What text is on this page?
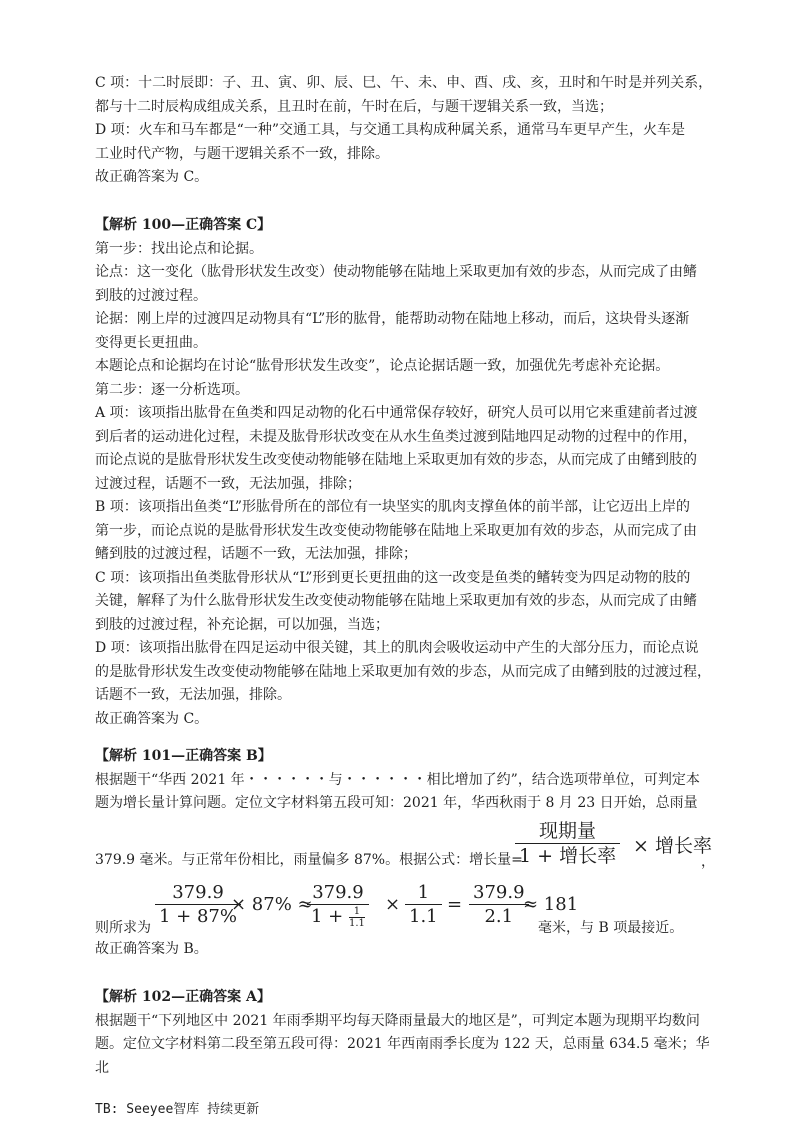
C 项：十二时辰即：子、丑、寅、卯、辰、巳、午、未、申、酉、戌、亥，丑时和午时是并列关系，

都与十二时辰构成组成关系，且丑时在前，午时在后，与题干逻辑关系一致，当选；

D 项：火车和马车都是“一种”交通工具，与交通工具构成种属关系，通常马车更早产生，火车是

工业时代产物，与题干逻辑关系不一致，排除。

故正确答案为 C。

【解析 100—正确答案 C】

第一步：找出论点和论据。

论点：这一变化（肱骨形状发生改变）使动物能够在陆地上采取更加有效的步态，从而完成了由鳍

到肢的过渡过程。

论据：刚上岸的过渡四足动物具有“L”形的肱骨，能帮助动物在陆地上移动，而后，这块骨头逐渐

变得更长更扭曲。

本题论点和论据均在讨论“肱骨形状发生改变”，论点论据话题一致，加强优先考虑补充论据。

第二步：逐一分析选项。

A 项：该项指出肱骨在鱼类和四足动物的化石中通常保存较好，研究人员可以用它来重建前者过渡

到后者的运动进化过程，未提及肱骨形状改变在从水生鱼类过渡到陆地四足动物的过程中的作用，

而论点说的是肱骨形状发生改变使动物能够在陆地上采取更加有效的步态，从而完成了由鳍到肢的

过渡过程，话题不一致，无法加强，排除；

B 项：该项指出鱼类“L”形肱骨所在的部位有一块坚实的肌肉支撑鱼体的前半部，让它迈出上岸的

第一步，而论点说的是肱骨形状发生改变使动物能够在陆地上采取更加有效的步态，从而完成了由

鳍到肢的过渡过程，话题不一致，无法加强，排除；

C 项：该项指出鱼类肱骨形状从“L”形到更长更扭曲的这一改变是鱼类的鳍转变为四足动物的肢的

关键，解释了为什么肱骨形状发生改变使动物能够在陆地上采取更加有效的步态，从而完成了由鳍

到肢的过渡过程，补充论据，可以加强，当选；

D 项：该项指出肱骨在四足运动中很关键，其上的肌肉会吸收运动中产生的大部分压力，而论点说

的是肱骨形状发生改变使动物能够在陆地上采取更加有效的步态，从而完成了由鳍到肢的过渡过程，

话题不一致，无法加强，排除。

故正确答案为 C。

【解析 101—正确答案 B】

根据题干“华西 2021 年・・・・・・与・・・・・・相比增加了约”，结合选项带单位，可判定本

题为增长量计算问题。定位文字材料第五段可知：2021 年，华西秋雨于 8 月 23 日开始，总雨量

379.9 毫米。与正常年份相比，雨量偏多 87%。根据公式：增长量=
现期量
1 + 增长率 × 增长率
，
则所求为
379.9
1 + 87%
× 87% ≈
379.9
$1 + \frac{1}{1.1}$
×
1
1.1
=
379.9
2.1
≈ 181
毫米，与 B 项最接近。

故正确答案为 B。

【解析 102—正确答案 A】

根据题干“下列地区中 2021 年雨季期平均每天降雨量最大的地区是”，可判定本题为现期平均数问

题。定位文字材料第二段至第五段可得：2021 年西南雨季长度为 122 天，总雨量 634.5 毫米；华北

TB: Seeyee智库 持续更新
